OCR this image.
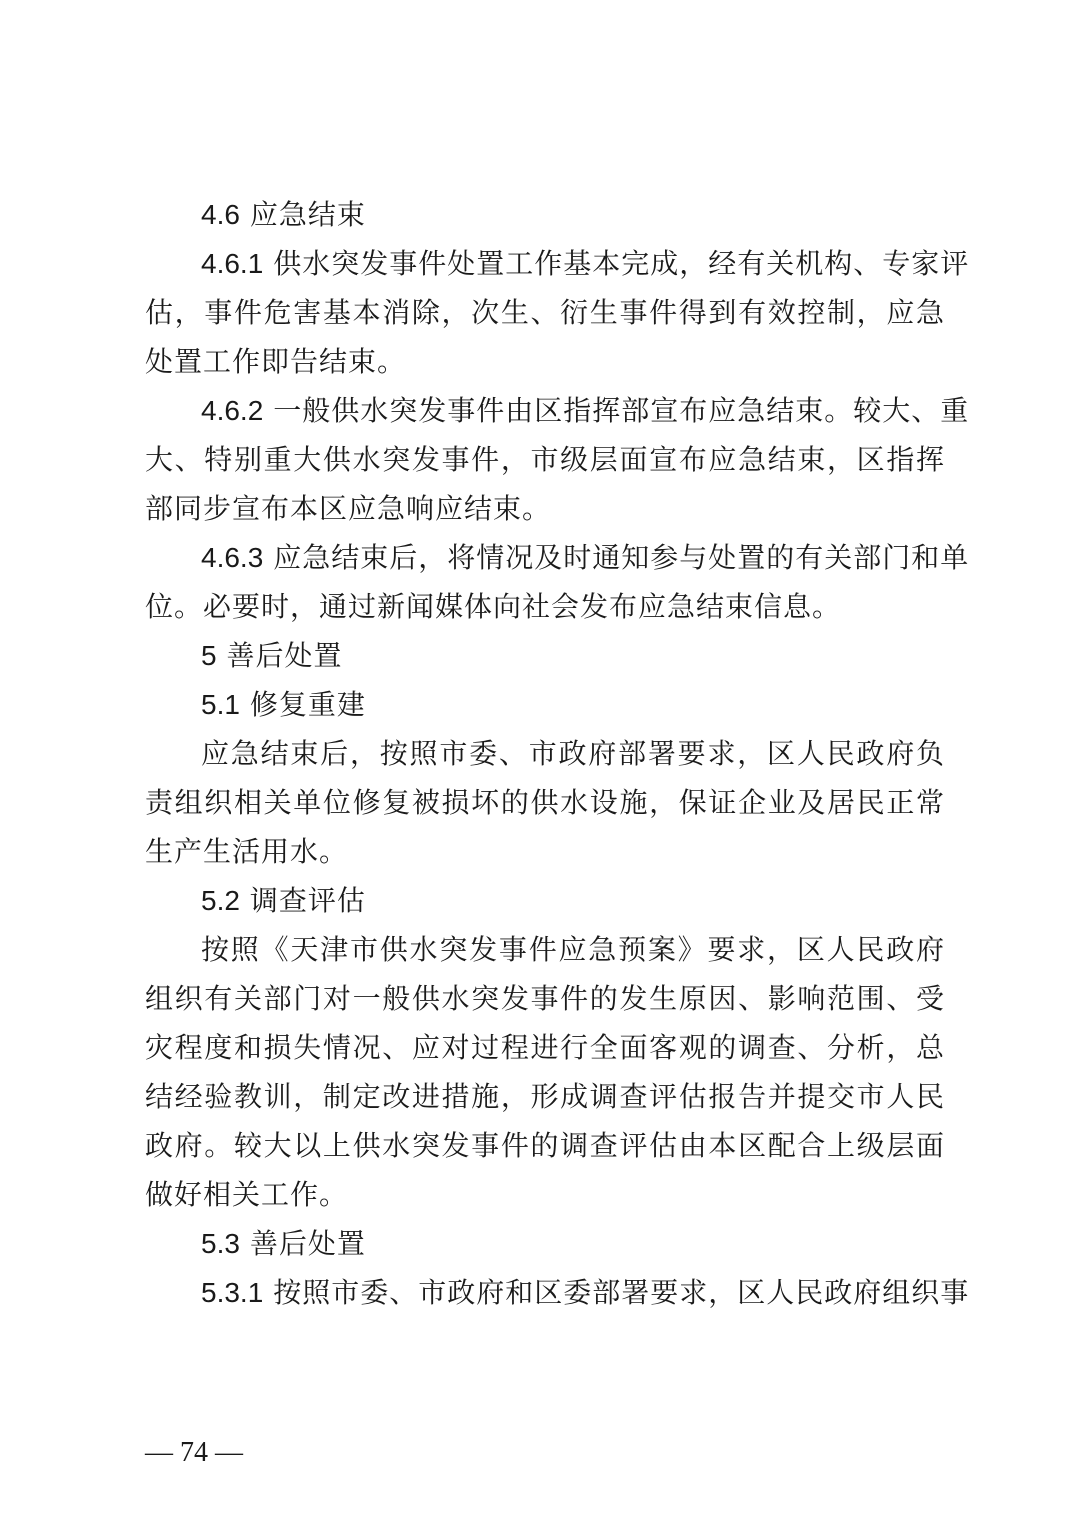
4.6 应急结束

4.6.1 供水突发事件处置工作基本完成，经有关机构、专家评

估，事件危害基本消除，次生、衍生事件得到有效控制，应急处置工作即告结束。

4.6.2 一般供水突发事件由区指挥部宣布应急结束。较大、重

大、特别重大供水突发事件，市级层面宣布应急结束，区指挥部同步宣布本区应急响应结束。

4.6.3 应急结束后，将情况及时通知参与处置的有关部门和单

位。必要时，通过新闻媒体向社会发布应急结束信息。

5 善后处置

5.1 修复重建

应急结束后，按照市委、市政府部署要求，区人民政府负责组织相关单位修复被损坏的供水设施，保证企业及居民正常生产生活用水。

5.2 调查评估

按照《天津市供水突发事件应急预案》要求，区人民政府组织有关部门对一般供水突发事件的发生原因、影响范围、受灾程度和损失情况、应对过程进行全面客观的调查、分析，总结经验教训，制定改进措施，形成调查评估报告并提交市人民政府。较大以上供水突发事件的调查评估由本区配合上级层面做好相关工作。

5.3 善后处置

5.3.1 按照市委、市政府和区委部署要求，区人民政府组织事

— 74 —
